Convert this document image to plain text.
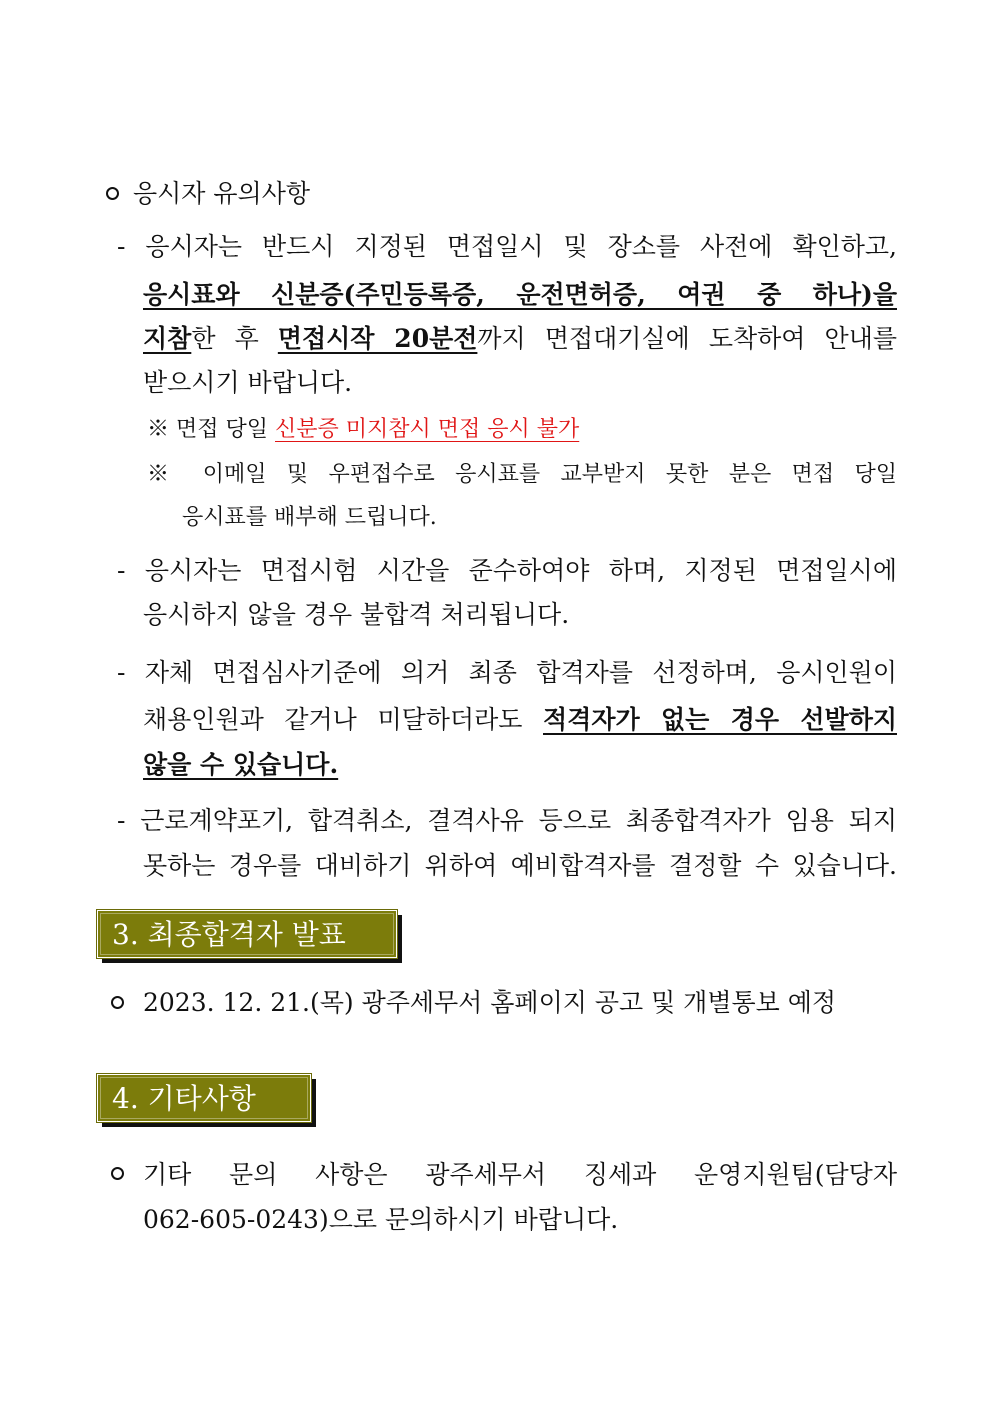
응시자 유의사항
- 응시자는 반드시 지정된 면접일시 및 장소를 사전에 확인하고,
응시표와 신분증(주민등록증, 운전면허증, 여권 중 하나)을
지참한 후 면접시작 20분전까지 면접대기실에 도착하여 안내를
받으시기 바랍니다.
※ 면접 당일 신분증 미지참시 면접 응시 불가
※ 이메일 및 우편접수로 응시표를 교부받지 못한 분은 면접 당일
응시표를 배부해 드립니다.
- 응시자는 면접시험 시간을 준수하여야 하며, 지정된 면접일시에
응시하지 않을 경우 불합격 처리됩니다.
- 자체 면접심사기준에 의거 최종 합격자를 선정하며, 응시인원이
채용인원과 같거나 미달하더라도 적격자가 없는 경우 선발하지
않을 수 있습니다.
- 근로계약포기, 합격취소, 결격사유 등으로 최종합격자가 임용 되지
못하는 경우를 대비하기 위하여 예비합격자를 결정할 수 있습니다.
3. 최종합격자 발표
2023. 12. 21.(목) 광주세무서 홈페이지 공고 및 개별통보 예정
4. 기타사항
기타 문의 사항은 광주세무서 징세과 운영지원팀(담당자
062-605-0243)으로 문의하시기 바랍니다.
